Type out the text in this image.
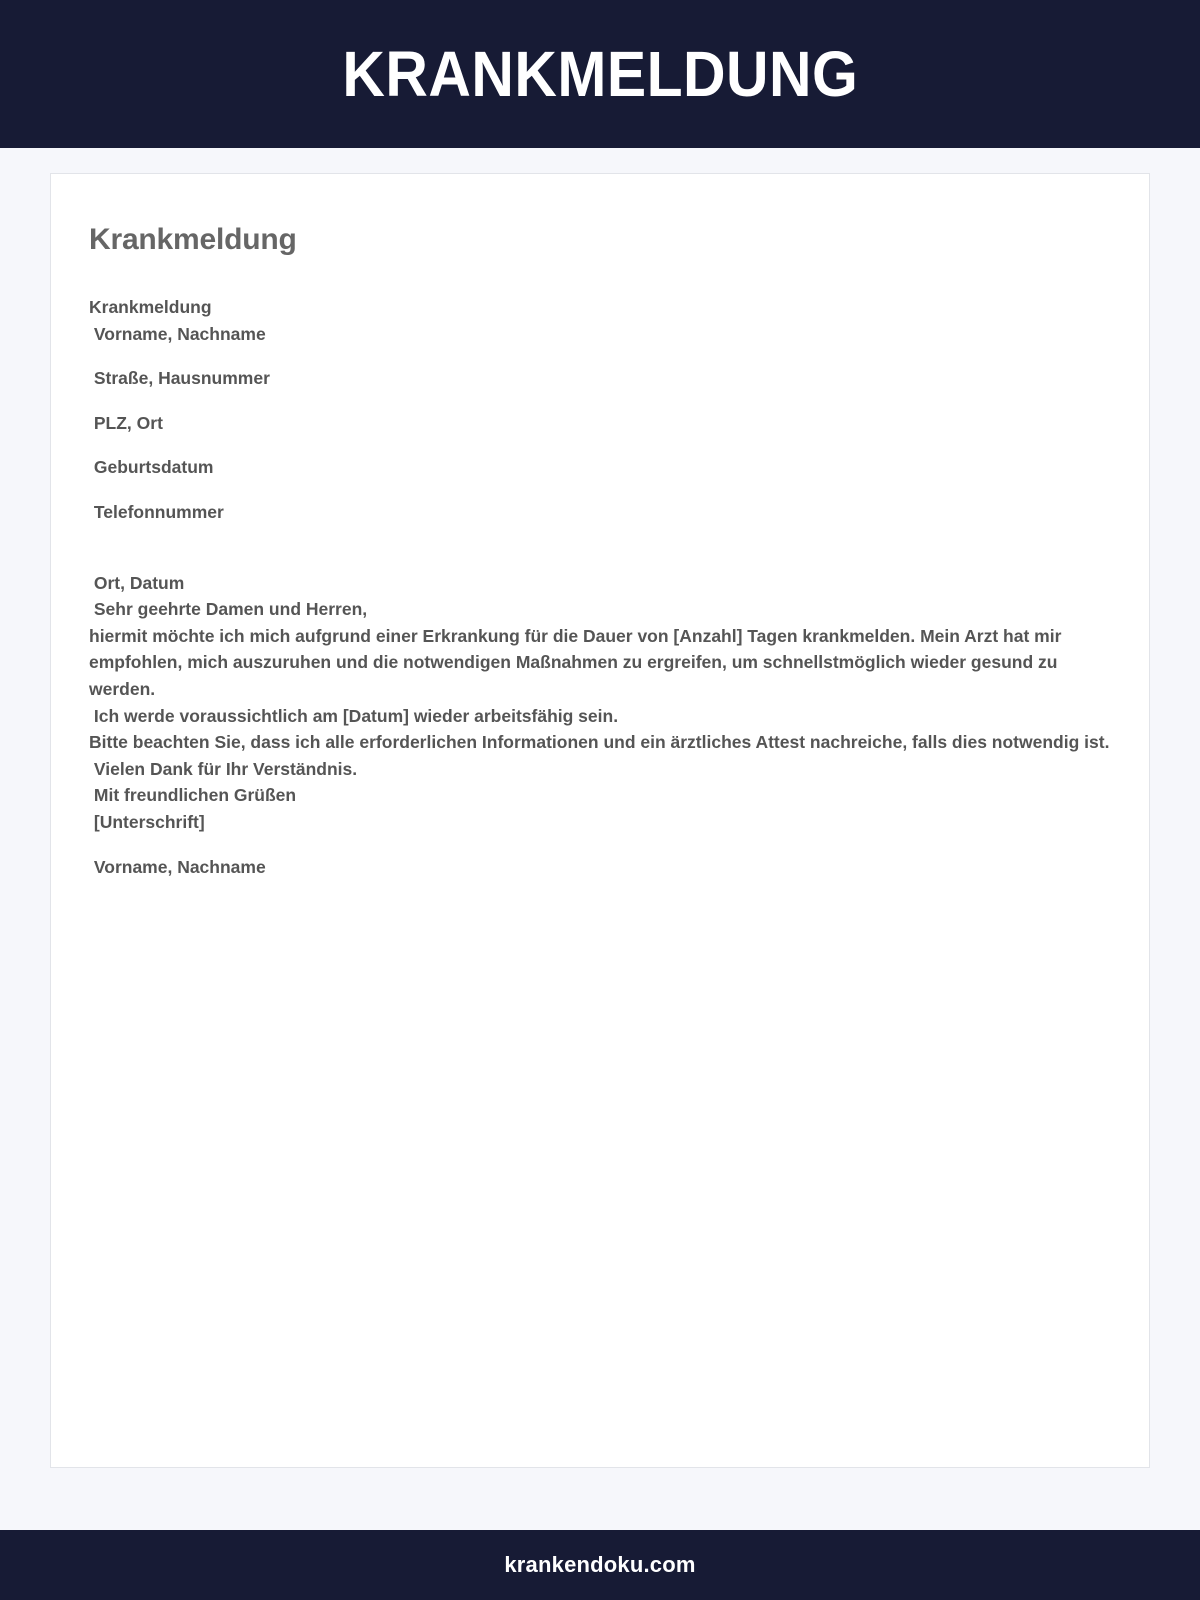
KRANKMELDUNG
Krankmeldung

Krankmeldung

Vorname, Nachname

Straße, Hausnummer

PLZ, Ort

Geburtsdatum

Telefonnummer

Ort, Datum

Sehr geehrte Damen und Herren,

hiermit möchte ich mich aufgrund einer Erkrankung für die Dauer von [Anzahl] Tagen krankmelden. Mein Arzt hat mir empfohlen, mich auszuruhen und die notwendigen Maßnahmen zu ergreifen, um schnellstmöglich wieder gesund zu werden.

Ich werde voraussichtlich am [Datum] wieder arbeitsfähig sein.

Bitte beachten Sie, dass ich alle erforderlichen Informationen und ein ärztliches Attest nachreiche, falls dies notwendig ist.

Vielen Dank für Ihr Verständnis.

Mit freundlichen Grüßen

[Unterschrift]

Vorname, Nachname

krankendoku.com
